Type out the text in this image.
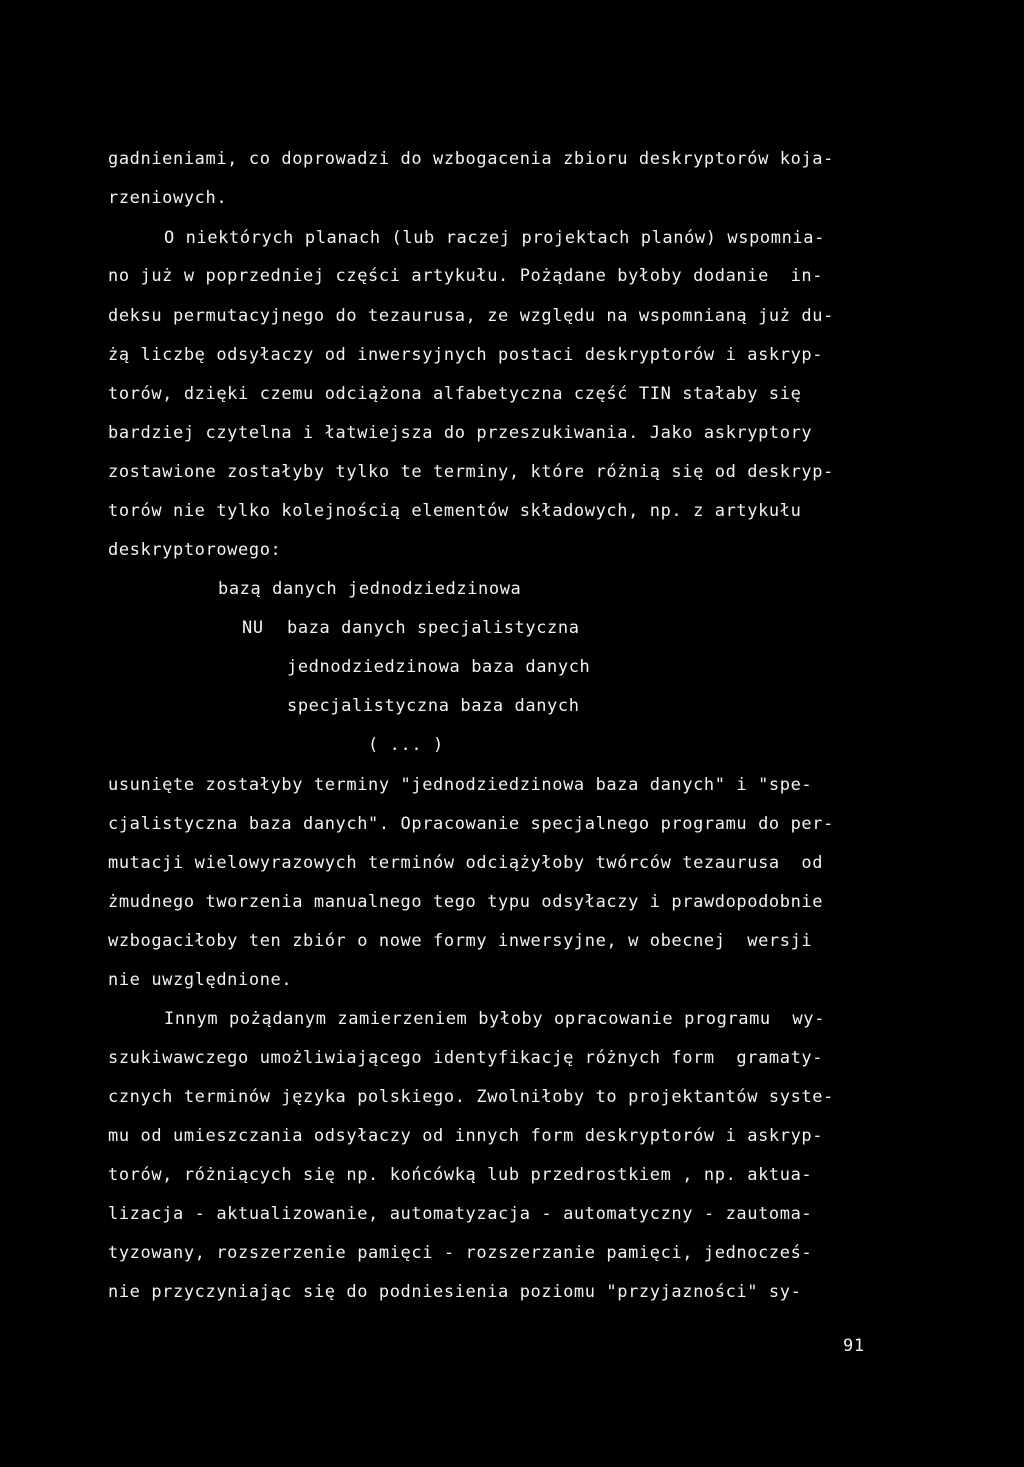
gadnieniami, co doprowadzi do wzbogacenia zbioru deskryptorów koja-
rzeniowych.
O niektórych planach (lub raczej projektach planów) wspomnia-
no już w poprzedniej części artykułu. Pożądane byłoby dodanie  in-
deksu permutacyjnego do tezaurusa, ze względu na wspomnianą już du-
żą liczbę odsyłaczy od inwersyjnych postaci deskryptorów i askryp-
torów, dzięki czemu odciążona alfabetyczna część TIN stałaby się
bardziej czytelna i łatwiejsza do przeszukiwania. Jako askryptory
zostawione zostałyby tylko te terminy, które różnią się od deskryp-
torów nie tylko kolejnością elementów składowych, np. z artykułu
deskryptorowego:
bazą danych jednodziedzinowa
NU baza danych specjalistyczna
jednodziedzinowa baza danych
specjalistyczna baza danych
( ... )
usunięte zostałyby terminy "jednodziedzinowa baza danych" i "spe-
cjalistyczna baza danych". Opracowanie specjalnego programu do per-
mutacji wielowyrazowych terminów odciążyłoby twórców tezaurusa  od
żmudnego tworzenia manualnego tego typu odsyłaczy i prawdopodobnie
wzbogaciłoby ten zbiór o nowe formy inwersyjne, w obecnej  wersji
nie uwzględnione.
Innym pożądanym zamierzeniem byłoby opracowanie programu  wy-
szukiwawczego umożliwiającego identyfikację różnych form  gramaty-
cznych terminów języka polskiego. Zwolniłoby to projektantów syste-
mu od umieszczania odsyłaczy od innych form deskryptorów i askryp-
torów, różniących się np. końcówką lub przedrostkiem , np. aktua-
lizacja - aktualizowanie, automatyzacja - automatyczny - zautoma-
tyzowany, rozszerzenie pamięci - rozszerzanie pamięci, jednocześ-
nie przyczyniając się do podniesienia poziomu "przyjazności" sy-
91
